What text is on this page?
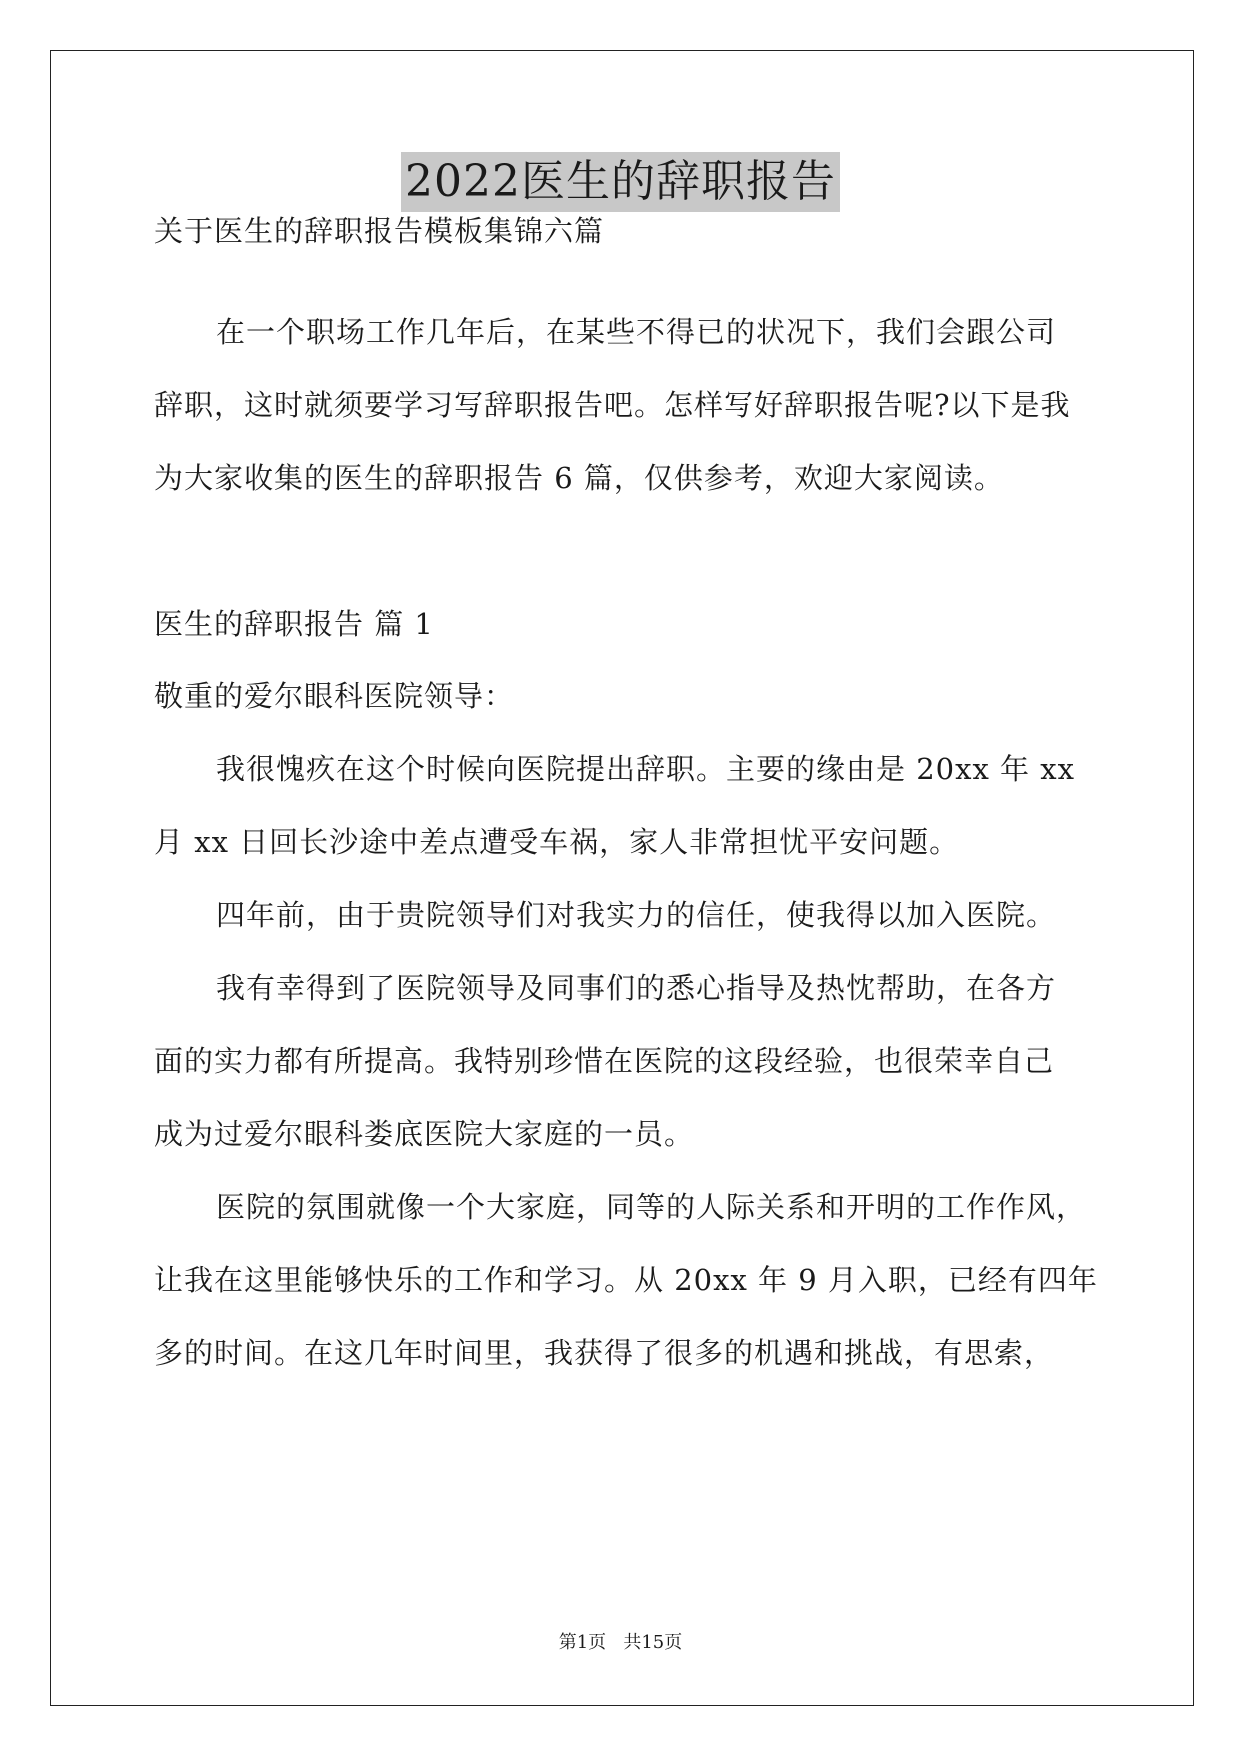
2022医生的辞职报告
关于医生的辞职报告模板集锦六篇
在一个职场工作几年后，在某些不得已的状况下，我们会跟公司
辞职，这时就须要学习写辞职报告吧。怎样写好辞职报告呢?以下是我
为大家收集的医生的辞职报告 6 篇，仅供参考，欢迎大家阅读。
医生的辞职报告 篇 1
敬重的爱尔眼科医院领导：
我很愧疚在这个时候向医院提出辞职。主要的缘由是 20xx 年 xx
月 xx 日回长沙途中差点遭受车祸，家人非常担忧平安问题。
四年前，由于贵院领导们对我实力的信任，使我得以加入医院。
我有幸得到了医院领导及同事们的悉心指导及热忱帮助，在各方
面的实力都有所提高。我特别珍惜在医院的这段经验，也很荣幸自己
成为过爱尔眼科娄底医院大家庭的一员。
医院的氛围就像一个大家庭，同等的人际关系和开明的工作作风，
让我在这里能够快乐的工作和学习。从 20xx 年 9 月入职，已经有四年
多的时间。在这几年时间里，我获得了很多的机遇和挑战，有思索，
第1页   共15页
